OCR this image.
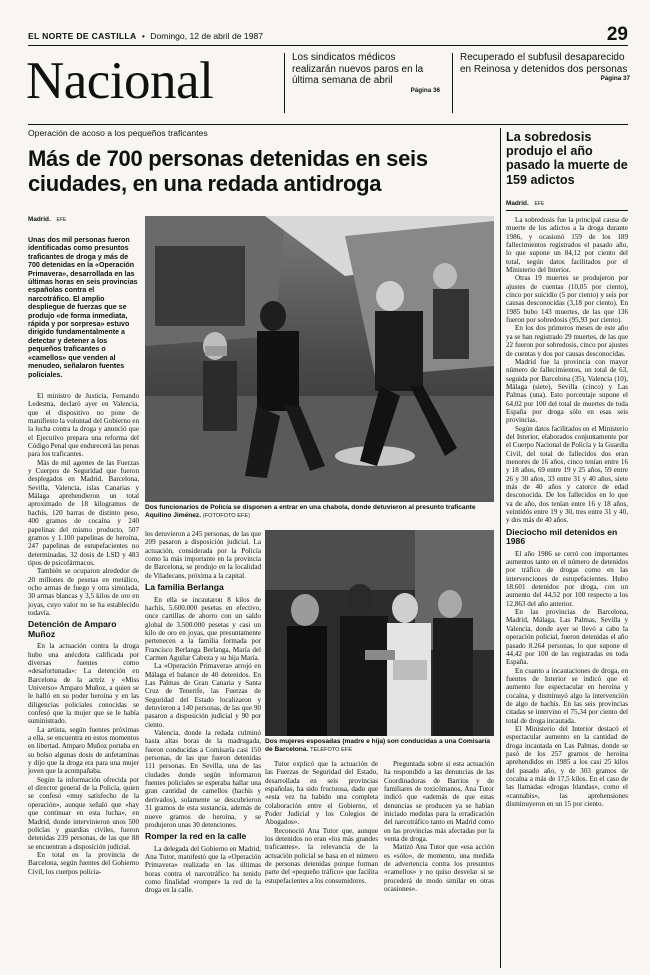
EL NORTE DE CASTILLA • Domingo, 12 de abril de 1987	29
Nacional	Los sindicatos médicos realizarán nuevos paros en la última semana de abril
Página 36
Recuperado el subfusil desaparecido en Reinosa y detenidos dos personas
Página 37
Operación de acoso a los pequeños traficantes
Más de 700 personas detenidas en seis ciudades, en una redada antidroga
Madrid. EFE

Unas dos mil personas fueron identificadas como presuntos traficantes de droga y más de 700 detenidas en la «Operación Primavera», desarrollada en las últimas horas en seis provincias españolas contra el narcotráfico. El amplio despliegue de fuerzas que se produjo «de forma inmediata, rápida y por sorpresa» estuvo dirigido fundamentalmente a detectar y detener a los pequeños traficantes o «camellos» que venden al menudeo, señalaron fuentes policiales.

El ministro de Justicia, Fernando Ledesma, declaró ayer en Valencia, que el dispositivo no pone de manifiesto la voluntad del Gobierno en la lucha contra la droga y anunció que el Ejecutivo prepara una reforma del Código Penal que endurecerá las penas para los traficantes.

Más de mil agentes de las Fuerzas y Cuerpos de Seguridad que fueron desplegados en Madrid, Barcelona, Sevilla, Valencia, islas Canarias y Málaga aprehendieron un total aproximado de 18 kilogramos de hachís, 120 barras de distinto peso, 400 gramos de cocaína y 240 papelinas del mismo producto, 507 gramos y 1.100 papelinas de heroína, 247 papelinas de estupefacientes no determinadas, 32 dosis de LSD y 483 tipos de psicofármacos.

También se ocuparon alrededor de 20 millones de pesetas en metálico, ocho armas de fuego y otra simulada, 30 armas blancas y 3,5 kilos de oro en joyas, cuyo valor no se ha establecido todavía.

Detención de Amparo Muñoz

En la actuación contra la droga hubo una anécdota calificada por diversas fuentes como «desafortunada»: La detención en Barcelona de la actriz y «Miss Universo» Amparo Muñoz, a quien se le halló en su poder heroína y en las diligencias policiales conocidas se confesó que la mujer que se le había suministrado.

La artista, según fuentes próximas a ella, se encuentra en estos momentos en libertad. Amparo Muñoz portaba en su bolso algunas dosis de anfetaminas y dijo que la droga era para una mujer joven que la acompañaba.

Según la información ofrecida por el director general de la Policía, quien se confesó «muy satisfecho de la operación», aunque señaló que «hay que continuar en esta lucha», en Madrid, donde intervinieron unos 500 policías y guardias civiles, fueron detenidas 239 personas, de las que 88 se encuentran a disposición judicial.

En total en la provincia de Barcelona, según fuentes del Gobierno Civil, los cuerpos policia-

Dos funcionarios de Policía se disponen a entrar en una chabola, donde detuvieron al presunto traficante Aquilino Jiménez. (FOTOFOTO EFE)

les detuvieron a 245 personas, de las que 209 pasaron a disposición judicial. La actuación, considerada por la Policía como la más importante en la provincia de Barcelona, se produjo en la localidad de Viladecans, próxima a la capital.

La familia Berlanga

En ella se incautaron 8 kilos de hachís, 5.600.000 pesetas en efectivo, once cartillas de ahorro con un saldo global de 3.500.000 pesetas y casi un kilo de oro en joyas, que presuntamente pertenecen a la familia formada por Francisco Berlanga Berlanga, María del Carmen Aguilar Cabeza y su hija María.

La «Operación Primavera» arrojó en Málaga el balance de 40 detenidos. En Las Palmas de Gran Canaria y Santa Cruz de Tenerife, las Fuerzas de Seguridad del Estado localizaron y detuvieron a 140 personas, de las que 90 pasaron a disposición judicial y 90 por ciento.

Valencia, donde la redada culminó hasta altas horas de la madrugada, fueron conducidas a Comisaría casi 150 personas, de las que fueron detenidas 111 personas. En Sevilla, una de las ciudades donde según informaron fuentes policiales se esperaba hallar una gran cantidad de camellos (hachís y derivados), solamente se descubrieron 31 gramos de esta sustancia, además de nueve gramos de heroína, y se produjeron unas 30 detenciones.

Romper la red en la calle

La delegada del Gobierno en Madrid, Ana Tutor, manifestó que la «Operación Primavera» realizada en las últimas horas contra el narcotráfico ha tenido como finalidad «romper» la red de la droga en la calle.

Dos mujeres esposadas (madre e hija) son conducidas a una Comisaría de Barcelona. TELEFOTO EFE

Tutor explicó que la actuación de las Fuerzas de Seguridad del Estado, desarrollada en seis provincias españolas, ha sido fructuosa, dado que «esta vez ha habido una completa colaboración entre el Gobierno, el Poder Judicial y los Colegios de Abogados».

Reconoció Ana Tutor que, aunque los detenidos no eran «los más grandes traficantes», la relevancia de la actuación policial se basa en el número de personas detenidas porque forman parte del «pequeño tráfico» que facilita estupefacientes a los consumidores.

Preguntada sobre si esta actuación ha respondido a las denuncias de las Coordinadoras de Barrios y de familiares de toxicómanos, Ana Tutor indicó que «además de que estas denuncias se producen ya se habían iniciado medidas para la erradicación del narcotráfico tanto en Madrid como en las provincias más afectadas por la venta de droga.

Matizó Ana Tutor que «esa acción es «sólo», de momento, una medida de advertencia contra los presuntos «camellos» y no quiso desvelar si se procederá de modo similar en otras ocasiones».

La sobredosis produjo el año pasado la muerte de 159 adictos
Madrid. EFE

La sobredosis fue la principal causa de muerte de los adictos a la droga durante 1986, y ocasionó 159 de los 189 fallecimientos registrados el pasado año, lo que supone un 84,12 por ciento del total, según datos facilitados por el Ministerio del Interior.

Otras 19 muertes se produjeron por ajustes de cuentas (10,05 por ciento), cinco por suicidio (5 por ciento) y seis por causas desconocidas (3,18 por ciento). En 1985 hubo 143 muertes, de las que 136 fueron por sobredosis (95,93 por ciento).

En los dos primeros meses de este año ya se han registrado 29 muertes, de las que 22 fueron por sobredosis, cinco por ajustes de cuentas y dos por causas desconocidas.

Madrid fue la provincia con mayor número de fallecimientos, un total de 63, seguida por Barcelona (35), Valencia (10), Málaga (siete), Sevilla (cinco) y Las Palmas (una). Esto porcentaje supone el 64,02 por 100 del total de muertes de toda España por droga sólo en esas seis provincias.

Según datos facilitados en el Ministerio del Interior, elaborados conjuntamente por el Cuerpo Nacional de Policía y la Guardia Civil, del total de fallecidos dos eran menores de 16 años, cinco tenían entre 16 y 18 años, 69 entre 19 y 25 años, 59 entre 26 y 30 años, 33 entre 31 y 40 años, siete más de 40 años y catorce de edad desconocida. De los fallecidos en lo que va de año, dos tenían entre 16 y 18 años, veintidós entre 19 y 30, tres entre 31 y 40, y dos más de 40 años.

Dieciocho mil detenidos en 1986

El año 1986 se cerró con importantes aumentos tanto en el número de detenidos por tráfico de drogas como en las intervenciones de estupefacientes. Hubo 18.601 detenidos por droga, con un aumento del 44,52 por 100 respecto a los 12.863 del año anterior.

En las provincias de Barcelona, Madrid, Málaga, Las Palmas, Sevilla y Valencia, donde ayer se llevó a cabo la operación policial, fueron detenidas el año pasado 8.264 personas, lo que supone el 44,42 por 100 de las registradas en toda España.

En cuanto a incautaciones de droga, en fuentes de Interior se indicó que el aumento fue espectacular en heroína y cocaína, y disminuyó algo la intervención de algo de hachís. En las seis provincias citadas se intervino el 75,34 por ciento del total de droga incautada.

El Ministerio del Interior destacó el espectacular aumento en la cantidad de droga incautada en Las Palmas, donde se pasó de los 257 gramos de heroína aprehendidos en 1985 a los casi 25 kilos del pasado año, y de 303 gramos de cocaína a más de 17,5 kilos. En el caso de las llamadas «drogas blandas», como el «cannabis», las aprehensiones disminuyeron en un 15 por ciento.
